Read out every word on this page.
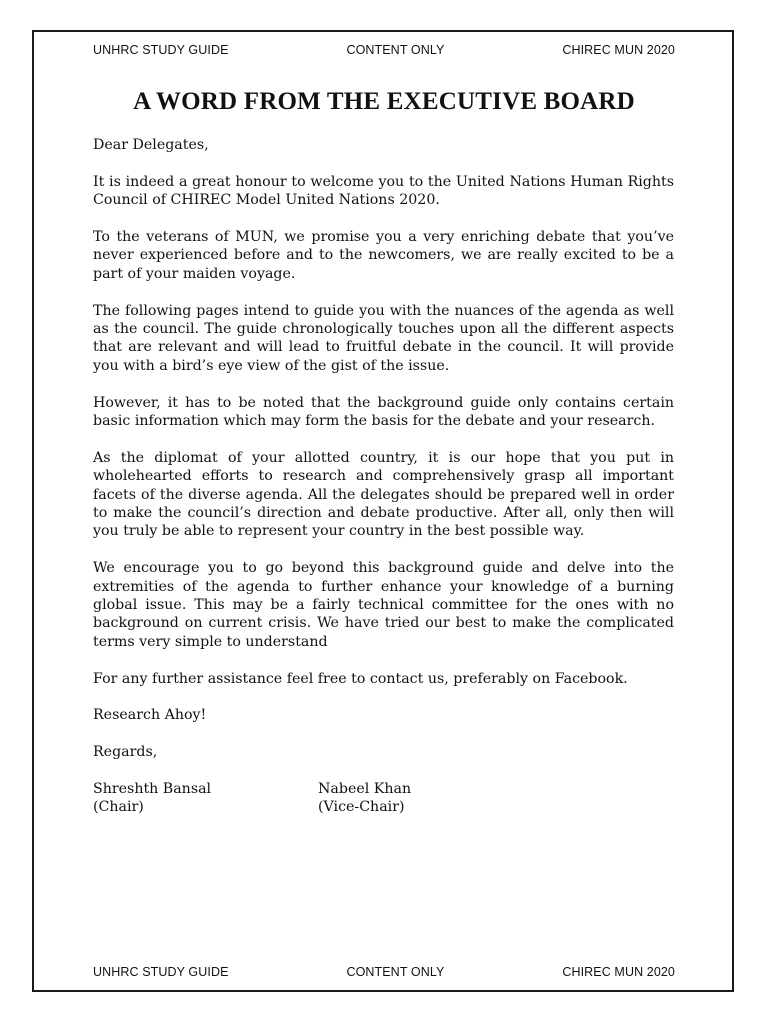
UNHRC STUDY GUIDE	CONTENT ONLY	CHIREC MUN 2020
A WORD FROM THE EXECUTIVE BOARD

Dear Delegates,

It is indeed a great honour to welcome you to the United Nations Human Rights Council of CHIREC Model United Nations 2020.

To the veterans of MUN, we promise you a very enriching debate that you’ve never experienced before and to the newcomers, we are really excited to be a part of your maiden voyage.

The following pages intend to guide you with the nuances of the agenda as well as the council. The guide chronologically touches upon all the different aspects that are relevant and will lead to fruitful debate in the council. It will provide you with a bird’s eye view of the gist of the issue.

However, it has to be noted that the background guide only contains certain basic information which may form the basis for the debate and your research.

As the diplomat of your allotted country, it is our hope that you put in wholehearted efforts to research and comprehensively grasp all important facets of the diverse agenda. All the delegates should be prepared well in order to make the council’s direction and debate productive. After all, only then will you truly be able to represent your country in the best possible way.

We encourage you to go beyond this background guide and delve into the extremities of the agenda to further enhance your knowledge of a burning global issue. This may be a fairly technical committee for the ones with no background on current crisis. We have tried our best to make the complicated terms very simple to understand

For any further assistance feel free to contact us, preferably on Facebook.

Research Ahoy!

Regards,

Shreshth Bansal
(Chair)
Nabeel Khan
(Vice-Chair)
UNHRC STUDY GUIDE	CONTENT ONLY	CHIREC MUN 2020
